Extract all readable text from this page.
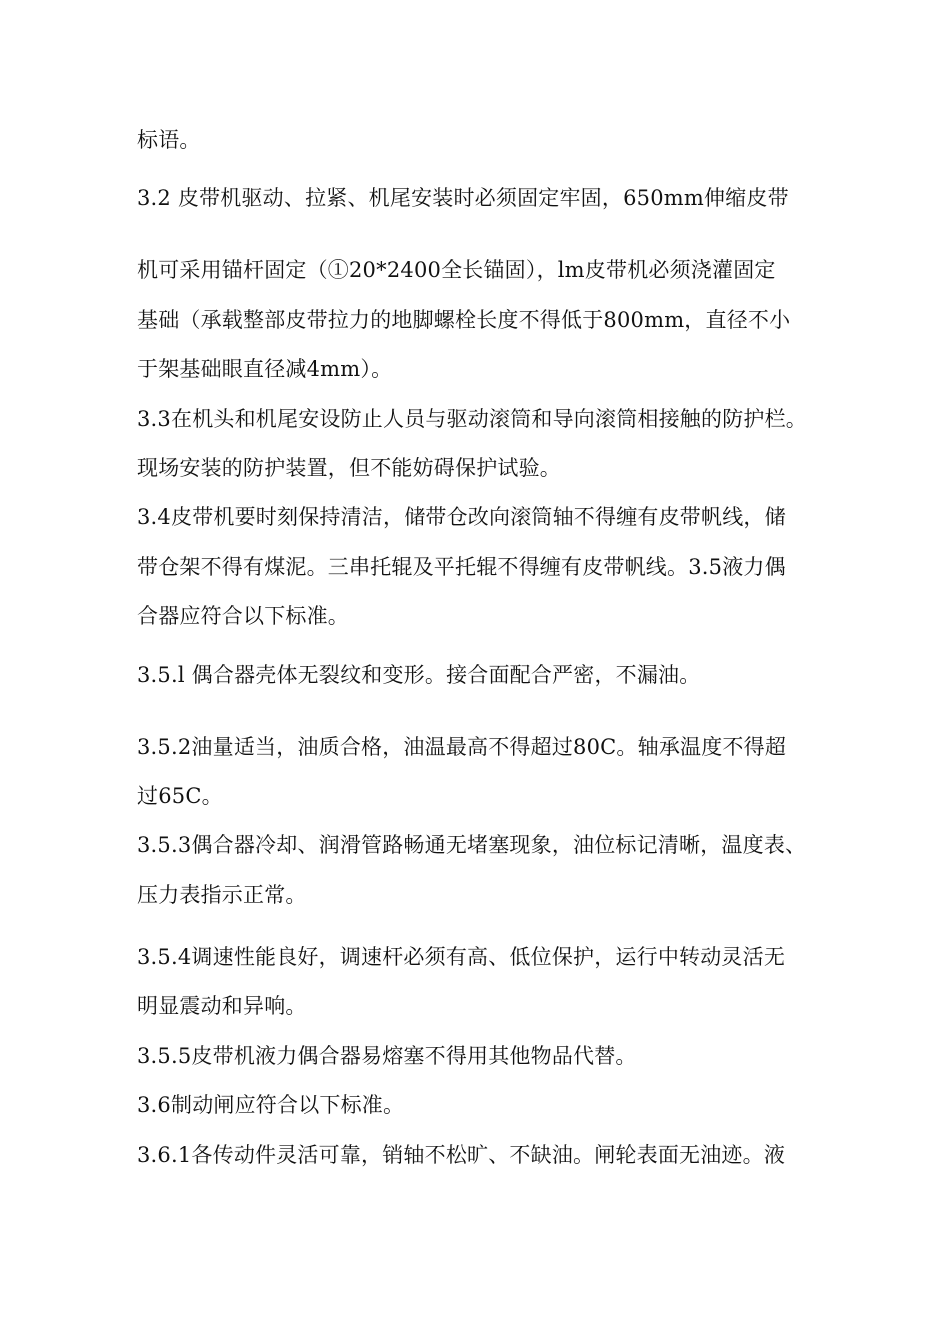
标语。
3.2 皮带机驱动、拉紧、机尾安装时必须固定牢固，650mm伸缩皮带
机可采用锚杆固定（①20*2400全长锚固），lm皮带机必须浇灌固定
基础（承载整部皮带拉力的地脚螺栓长度不得低于800mm，直径不小
于架基础眼直径减4mm）。
3.3在机头和机尾安设防止人员与驱动滚筒和导向滚筒相接触的防护栏。
现场安装的防护装置，但不能妨碍保护试验。
3.4皮带机要时刻保持清洁，储带仓改向滚筒轴不得缠有皮带帆线，储
带仓架不得有煤泥。三串托辊及平托辊不得缠有皮带帆线。3.5液力偶
合器应符合以下标准。
3.5.l 偶合器壳体无裂纹和变形。接合面配合严密，不漏油。
3.5.2油量适当，油质合格，油温最高不得超过80C。轴承温度不得超
过65C。
3.5.3偶合器冷却、润滑管路畅通无堵塞现象，油位标记清晰，温度表、
压力表指示正常。
3.5.4调速性能良好，调速杆必须有高、低位保护，运行中转动灵活无
明显震动和异响。
3.5.5皮带机液力偶合器易熔塞不得用其他物品代替。
3.6制动闸应符合以下标准。
3.6.1各传动件灵活可靠，销轴不松旷、不缺油。闸轮表面无油迹。液
